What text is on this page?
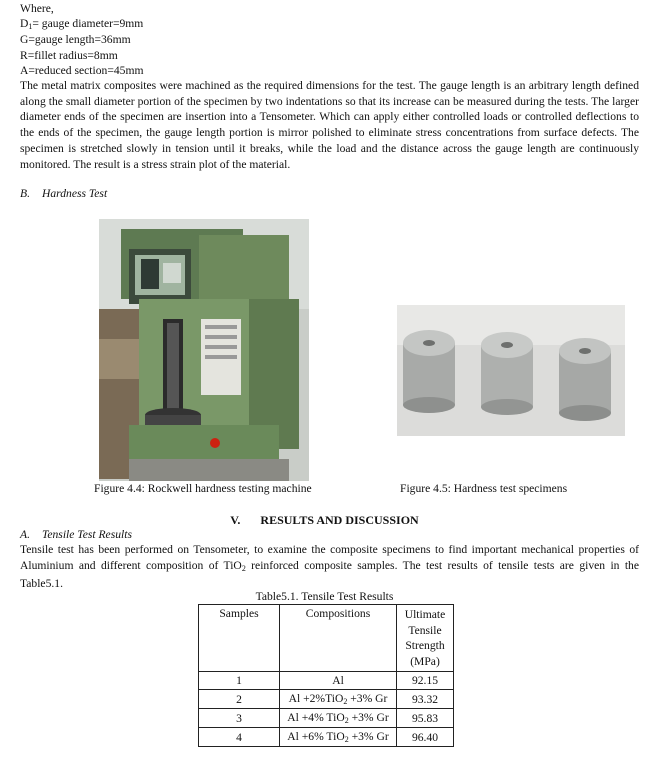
Where,
$D_1=$ gauge diameter=9mm
G=gauge length=36mm
R=fillet radius=8mm
A=reduced section=45mm
The metal matrix composites were machined as the required dimensions for the test. The gauge length is an arbitrary length defined along the small diameter portion of the specimen by two indentations so that its increase can be measured during the tests. The larger diameter ends of the specimen are insertion into a Tensometer. Which can apply either controlled loads or controlled deflections to the ends of the specimen, the gauge length portion is mirror polished to eliminate stress concentrations from surface defects. The specimen is stretched slowly in tension until it breaks, while the load and the distance across the gauge length are continuously monitored. The result is a stress strain plot of the material.
B. Hardness Test
Figure 4.4: Rockwell hardness testing machine	Figure 4.5: Hardness test specimens
V. RESULTS AND DISCUSSION
A. Tensile Test Results
Tensile test has been performed on Tensometer, to examine the composite specimens to find important mechanical properties of Aluminium and different composition of TiO$_2$ reinforced composite samples. The test results of tensile tests are given in the Table5.1.
Table5.1. Tensile Test Results
Samples	Compositions	Ultimate Tensile Strength (MPa)
1	Al	92.15
2	Al +2%TiO$_2$ +3% Gr	93.32
3	Al +4% TiO$_2$ +3% Gr	95.83
4	Al +6% TiO$_2$ +3% Gr	96.40
